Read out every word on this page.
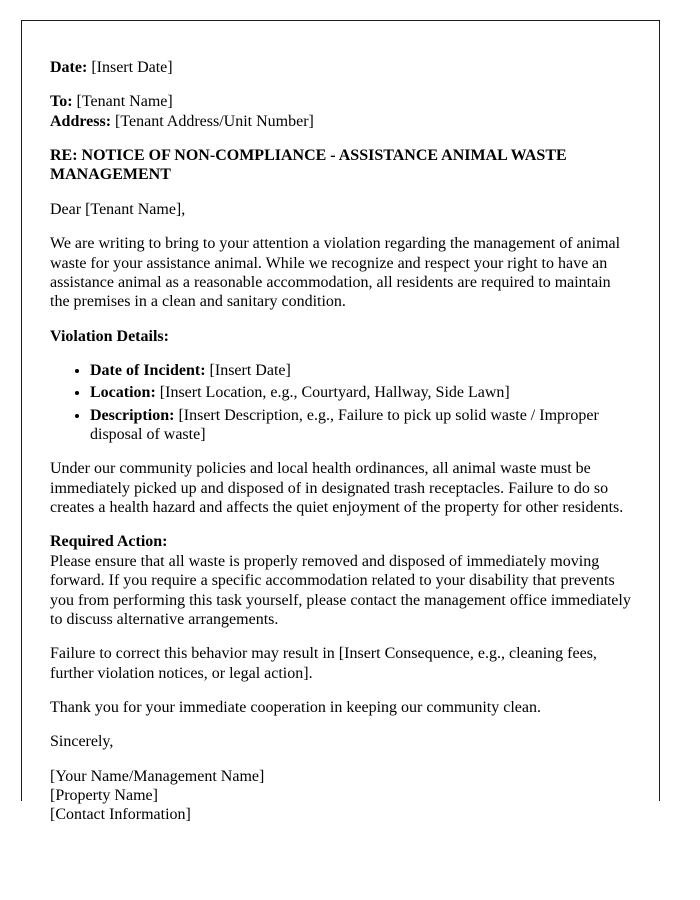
Date: [Insert Date]

To: [Tenant Name]
Address: [Tenant Address/Unit Number]

RE: NOTICE OF NON-COMPLIANCE - ASSISTANCE ANIMAL WASTE MANAGEMENT

Dear [Tenant Name],

We are writing to bring to your attention a violation regarding the management of animal waste for your assistance animal. While we recognize and respect your right to have an assistance animal as a reasonable accommodation, all residents are required to maintain the premises in a clean and sanitary condition.

Violation Details:

• Date of Incident: [Insert Date]
• Location: [Insert Location, e.g., Courtyard, Hallway, Side Lawn]
• Description: [Insert Description, e.g., Failure to pick up solid waste / Improper disposal of waste]

Under our community policies and local health ordinances, all animal waste must be immediately picked up and disposed of in designated trash receptacles. Failure to do so creates a health hazard and affects the quiet enjoyment of the property for other residents.

Required Action:
Please ensure that all waste is properly removed and disposed of immediately moving forward. If you require a specific accommodation related to your disability that prevents you from performing this task yourself, please contact the management office immediately to discuss alternative arrangements.

Failure to correct this behavior may result in [Insert Consequence, e.g., cleaning fees, further violation notices, or legal action].

Thank you for your immediate cooperation in keeping our community clean.

Sincerely,

[Your Name/Management Name]
[Property Name]
[Contact Information]
